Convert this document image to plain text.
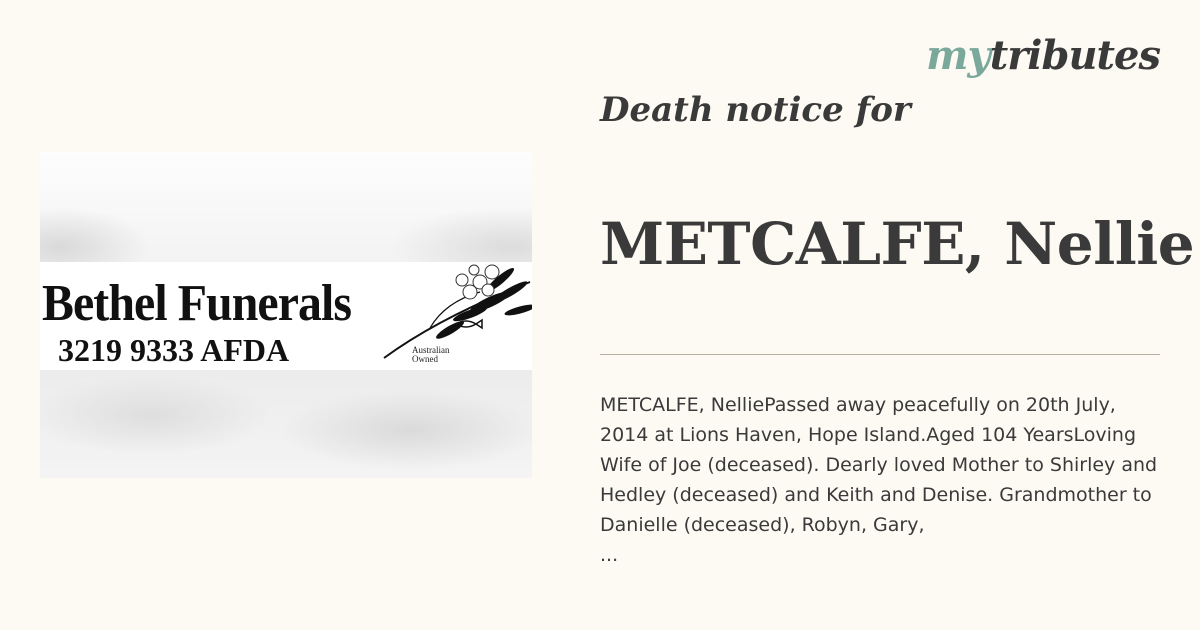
mytributes
Bethel Funerals
3219 9333 AFDA	Australian
Owned
Death notice for
METCALFE, Nellie

METCALFE, NelliePassed away peacefully on 20th July, 2014 at Lions Haven, Hope Island.Aged 104 YearsLoving Wife of Joe (deceased). Dearly loved Mother to Shirley and Hedley (deceased) and Keith and Denise. Grandmother to Danielle (deceased), Robyn, Gary,

...
